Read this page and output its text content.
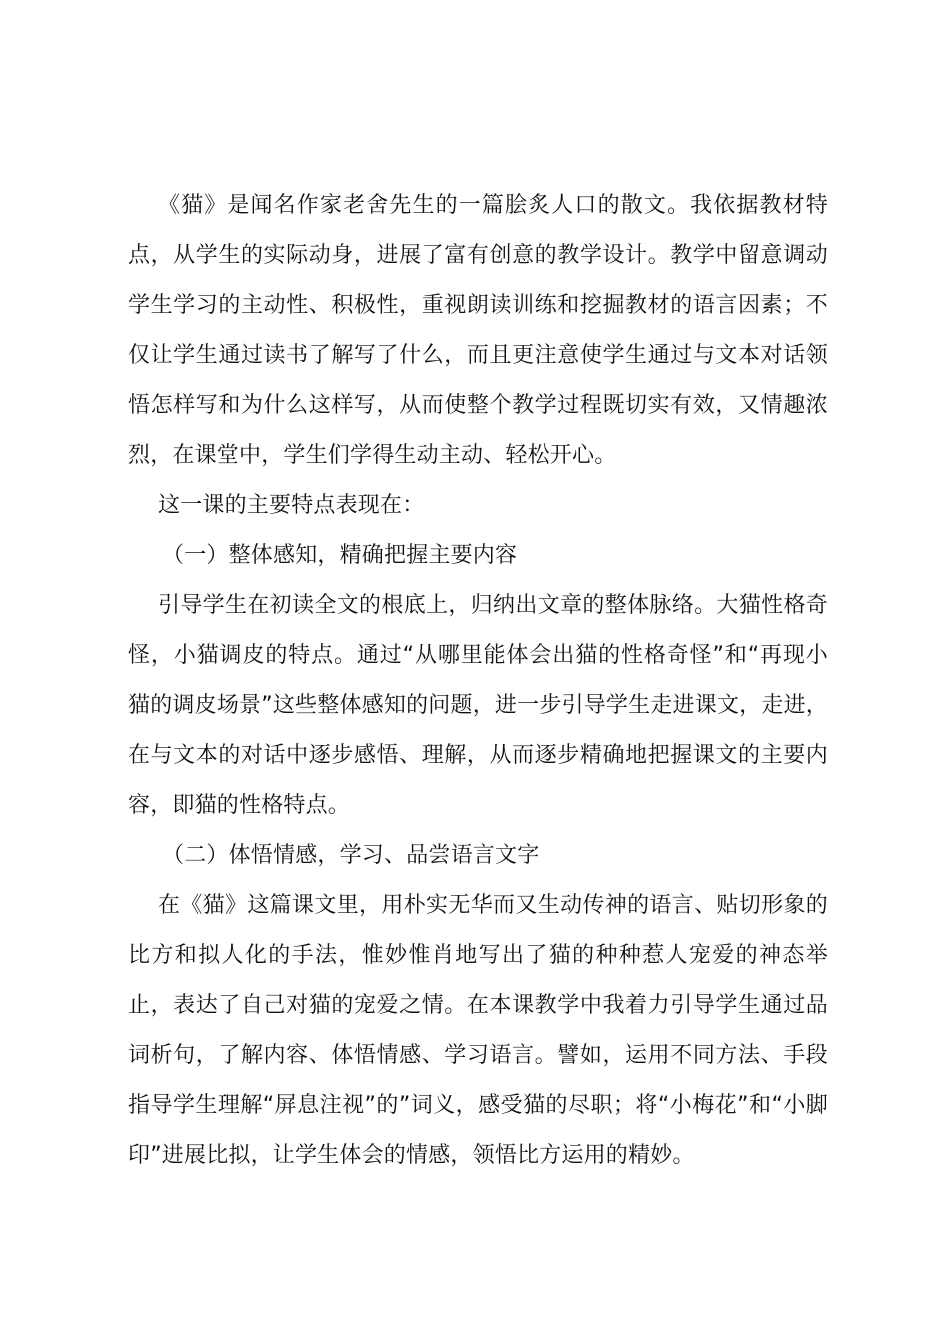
《猫》是闻名作家老舍先生的一篇脍炙人口的散文。我依据教材特点，从学生的实际动身，进展了富有创意的教学设计。教学中留意调动学生学习的主动性、积极性，重视朗读训练和挖掘教材的语言因素；不仅让学生通过读书了解写了什么，而且更注意使学生通过与文本对话领悟怎样写和为什么这样写，从而使整个教学过程既切实有效，又情趣浓烈，在课堂中，学生们学得生动主动、轻松开心。

这一课的主要特点表现在：

（一）整体感知，精确把握主要内容

引导学生在初读全文的根底上，归纳出文章的整体脉络。大猫性格奇怪，小猫调皮的特点。通过“从哪里能体会出猫的性格奇怪”和“再现小猫的调皮场景”这些整体感知的问题，进一步引导学生走进课文，走进，在与文本的对话中逐步感悟、理解，从而逐步精确地把握课文的主要内容，即猫的性格特点。

（二）体悟情感，学习、品尝语言文字

在《猫》这篇课文里，用朴实无华而又生动传神的语言、贴切形象的比方和拟人化的手法，惟妙惟肖地写出了猫的种种惹人宠爱的神态举止，表达了自己对猫的宠爱之情。在本课教学中我着力引导学生通过品词析句，了解内容、体悟情感、学习语言。譬如，运用不同方法、手段指导学生理解“屏息注视”的”词义，感受猫的尽职；将“小梅花”和“小脚印”进展比拟，让学生体会的情感，领悟比方运用的精妙。
